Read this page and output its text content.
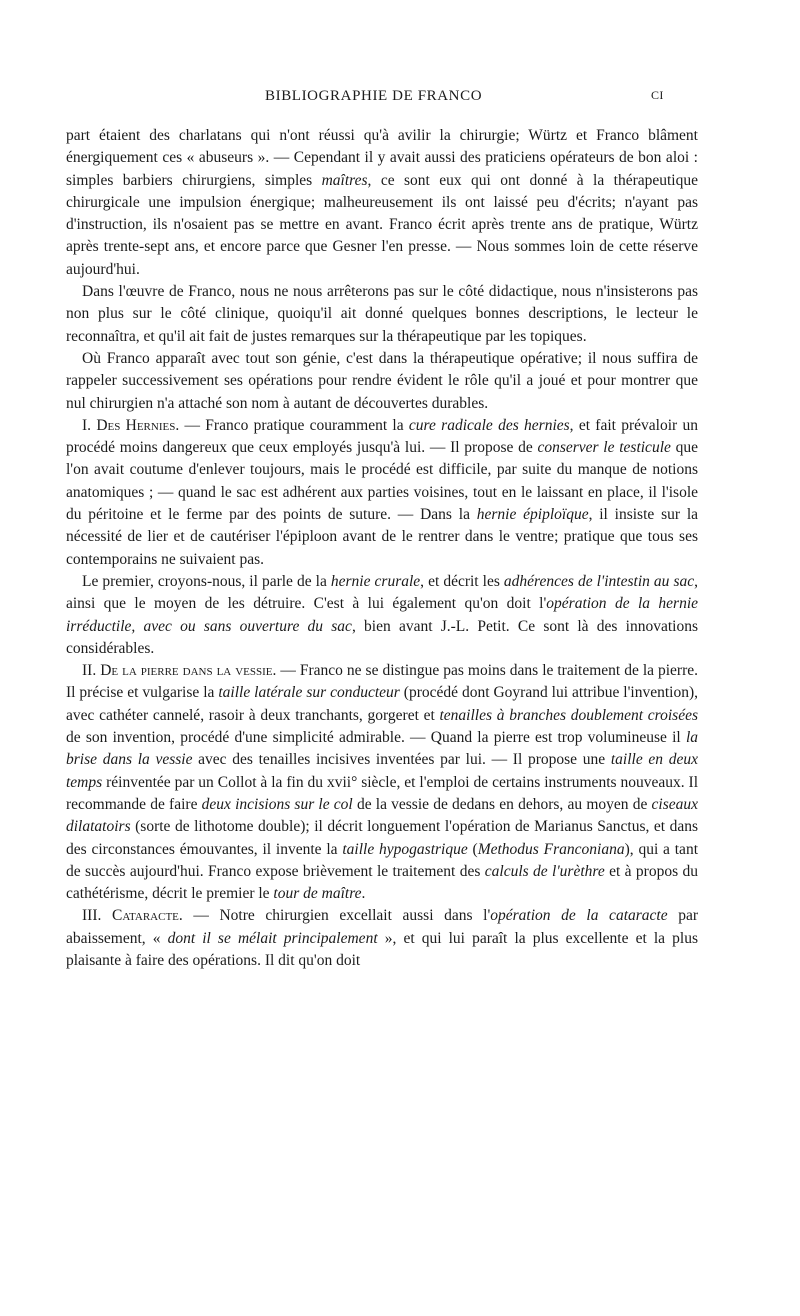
BIBLIOGRAPHIE DE FRANCO	CI

part étaient des charlatans qui n'ont réussi qu'à avilir la chirurgie; Würtz et Franco blâment énergiquement ces « abuseurs ». — Cependant il y avait aussi des praticiens opérateurs de bon aloi : simples barbiers chirurgiens, simples maîtres, ce sont eux qui ont donné à la thérapeutique chirurgicale une impulsion énergique; malheureusement ils ont laissé peu d'écrits; n'ayant pas d'instruction, ils n'osaient pas se mettre en avant. Franco écrit après trente ans de pratique, Würtz après trente-sept ans, et encore parce que Gesner l'en presse. — Nous sommes loin de cette réserve aujourd'hui.

Dans l'œuvre de Franco, nous ne nous arrêterons pas sur le côté didactique, nous n'insisterons pas non plus sur le côté clinique, quoiqu'il ait donné quelques bonnes descriptions, le lecteur le reconnaîtra, et qu'il ait fait de justes remarques sur la thérapeutique par les topiques.

Où Franco apparaît avec tout son génie, c'est dans la thérapeutique opérative; il nous suffira de rappeler successivement ses opérations pour rendre évident le rôle qu'il a joué et pour montrer que nul chirurgien n'a attaché son nom à autant de découvertes durables.

I. Des Hernies. — Franco pratique couramment la cure radicale des hernies, et fait prévaloir un procédé moins dangereux que ceux employés jusqu'à lui. — Il propose de conserver le testicule que l'on avait coutume d'enlever toujours, mais le procédé est difficile, par suite du manque de notions anatomiques ; — quand le sac est adhérent aux parties voisines, tout en le laissant en place, il l'isole du péritoine et le ferme par des points de suture. — Dans la hernie épiploïque, il insiste sur la nécessité de lier et de cautériser l'épiploon avant de le rentrer dans le ventre; pratique que tous ses contemporains ne suivaient pas.

Le premier, croyons-nous, il parle de la hernie crurale, et décrit les adhérences de l'intestin au sac, ainsi que le moyen de les détruire. C'est à lui également qu'on doit l'opération de la hernie irréductile, avec ou sans ouverture du sac, bien avant J.-L. Petit. Ce sont là des innovations considérables.

II. De la pierre dans la vessie. — Franco ne se distingue pas moins dans le traitement de la pierre. Il précise et vulgarise la taille latérale sur conducteur (procédé dont Goyrand lui attribue l'invention), avec cathéter cannelé, rasoir à deux tranchants, gorgeret et tenailles à branches doublement croisées de son invention, procédé d'une simplicité admirable. — Quand la pierre est trop volumineuse il la brise dans la vessie avec des tenailles incisives inventées par lui. — Il propose une taille en deux temps réinventée par un Collot à la fin du xvii° siècle, et l'emploi de certains instruments nouveaux. Il recommande de faire deux incisions sur le col de la vessie de dedans en dehors, au moyen de ciseaux dilatatoirs (sorte de lithotome double); il décrit longuement l'opération de Marianus Sanctus, et dans des circonstances émouvantes, il invente la taille hypogastrique (Methodus Franconiana), qui a tant de succès aujourd'hui. Franco expose brièvement le traitement des calculs de l'urèthre et à propos du cathétérisme, décrit le premier le tour de maître.

III. Cataracte. — Notre chirurgien excellait aussi dans l'opération de la cataracte par abaissement, « dont il se mélait principalement », et qui lui paraît la plus excellente et la plus plaisante à faire des opérations. Il dit qu'on doit
